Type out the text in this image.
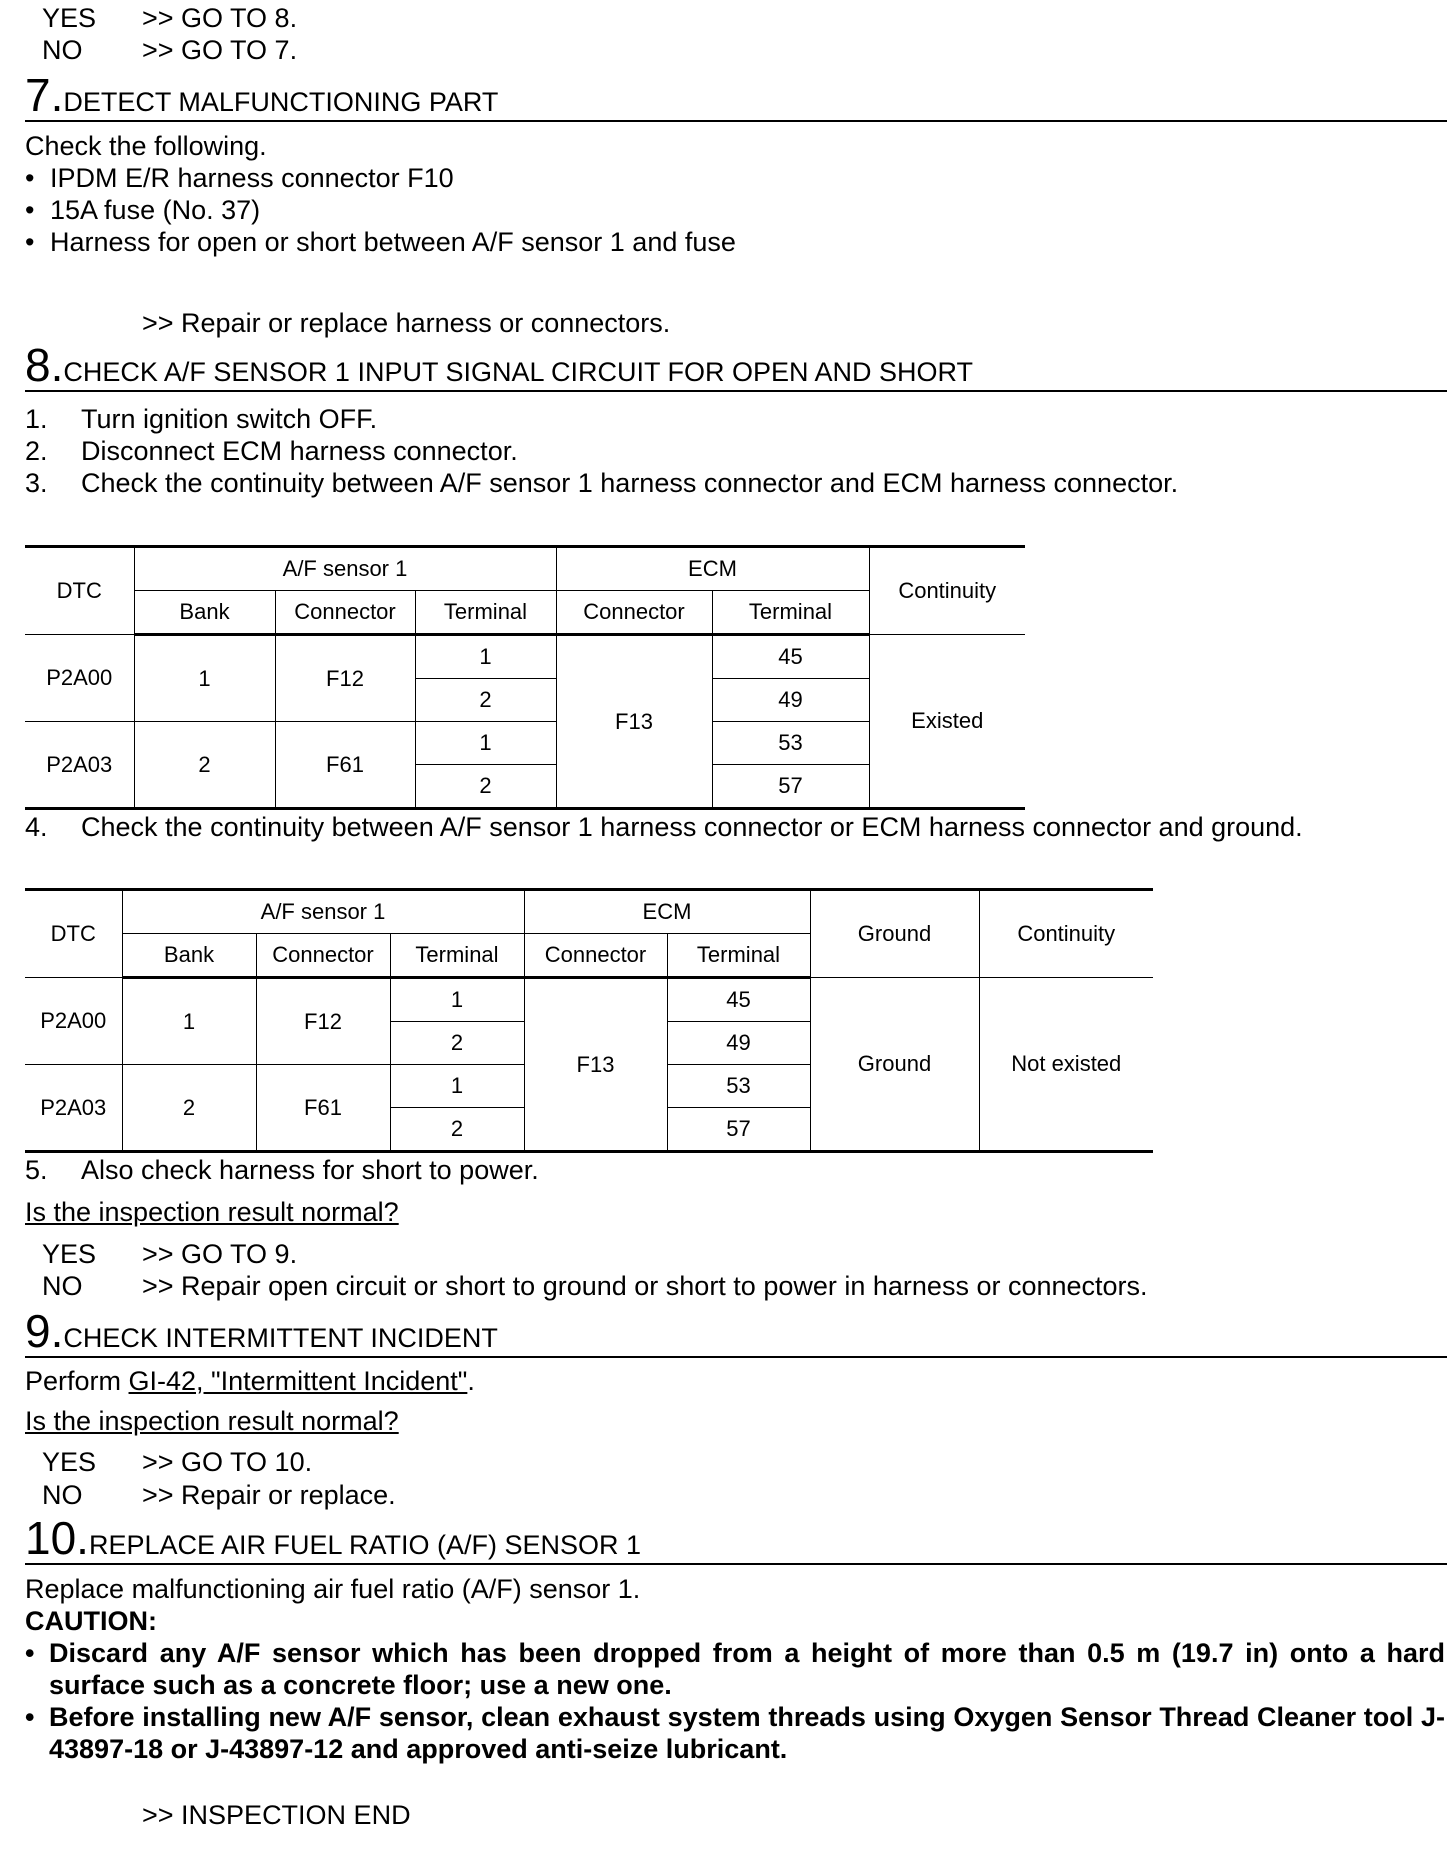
YES >> GO TO 8.
NO >> GO TO 7.
7.DETECT MALFUNCTIONING PART
Check the following.
• IPDM E/R harness connector F10
• 15A fuse (No. 37)
• Harness for open or short between A/F sensor 1 and fuse
>> Repair or replace harness or connectors.
8.CHECK A/F SENSOR 1 INPUT SIGNAL CIRCUIT FOR OPEN AND SHORT
1. Turn ignition switch OFF.
2. Disconnect ECM harness connector.
3. Check the continuity between A/F sensor 1 harness connector and ECM harness connector.
DTC	A/F sensor 1			ECM		Continuity
	Bank	Connector	Terminal	Connector	Terminal	
P2A00	1	F12	1	F13	45	Existed
			2		49	
P2A03	2	F61	1		53	
			2		57	
4. Check the continuity between A/F sensor 1 harness connector or ECM harness connector and ground.
DTC	A/F sensor 1			ECM		Ground	Continuity
	Bank	Connector	Terminal	Connector	Terminal		
P2A00	1	F12	1	F13	45	Ground	Not existed
			2		49		
P2A03	2	F61	1		53		
			2		57		
5. Also check harness for short to power.
Is the inspection result normal?
YES >> GO TO 9.
NO >> Repair open circuit or short to ground or short to power in harness or connectors.
9.CHECK INTERMITTENT INCIDENT
Perform GI-42, "Intermittent Incident".
Is the inspection result normal?
YES >> GO TO 10.
NO >> Repair or replace.
10.REPLACE AIR FUEL RATIO (A/F) SENSOR 1
Replace malfunctioning air fuel ratio (A/F) sensor 1.
CAUTION:
• Discard any A/F sensor which has been dropped from a height of more than 0.5 m (19.7 in) onto a hard surface such as a concrete floor; use a new one.
• Before installing new A/F sensor, clean exhaust system threads using Oxygen Sensor Thread Cleaner tool J-43897-18 or J-43897-12 and approved anti-seize lubricant.
>> INSPECTION END
